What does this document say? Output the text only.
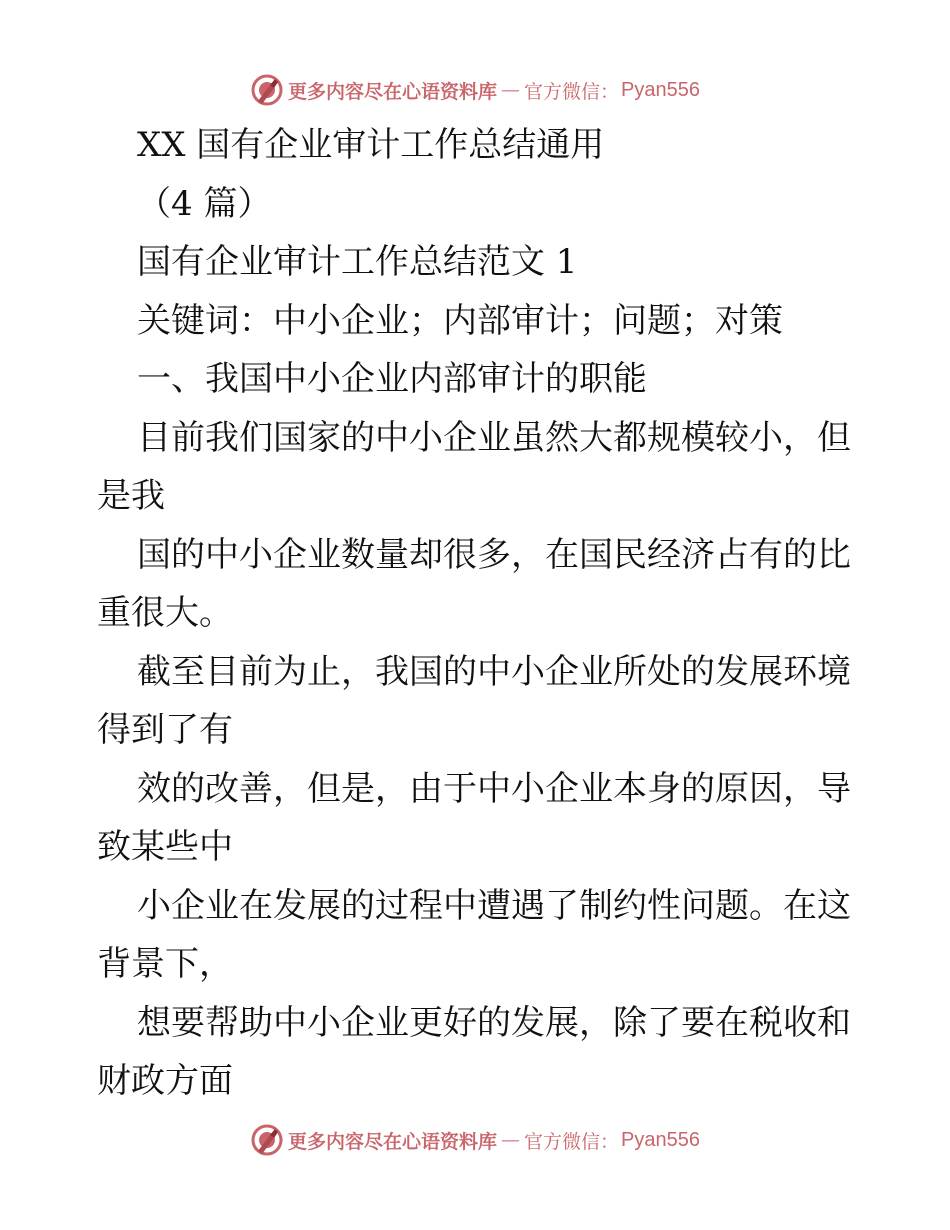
更多内容尽在心语资料库 — 官方微信： Pyan556
XX 国有企业审计工作总结通用
（4 篇）
国有企业审计工作总结范文 1
关键词：中小企业；内部审计；问题；对策
一、我国中小企业内部审计的职能
目前我们国家的中小企业虽然大都规模较小，但
是我
国的中小企业数量却很多，在国民经济占有的比
重很大。
截至目前为止，我国的中小企业所处的发展环境
得到了有
效的改善，但是，由于中小企业本身的原因，导
致某些中
小企业在发展的过程中遭遇了制约性问题。在这
背景下，
想要帮助中小企业更好的发展，除了要在税收和
财政方面
更多内容尽在心语资料库 — 官方微信： Pyan556
